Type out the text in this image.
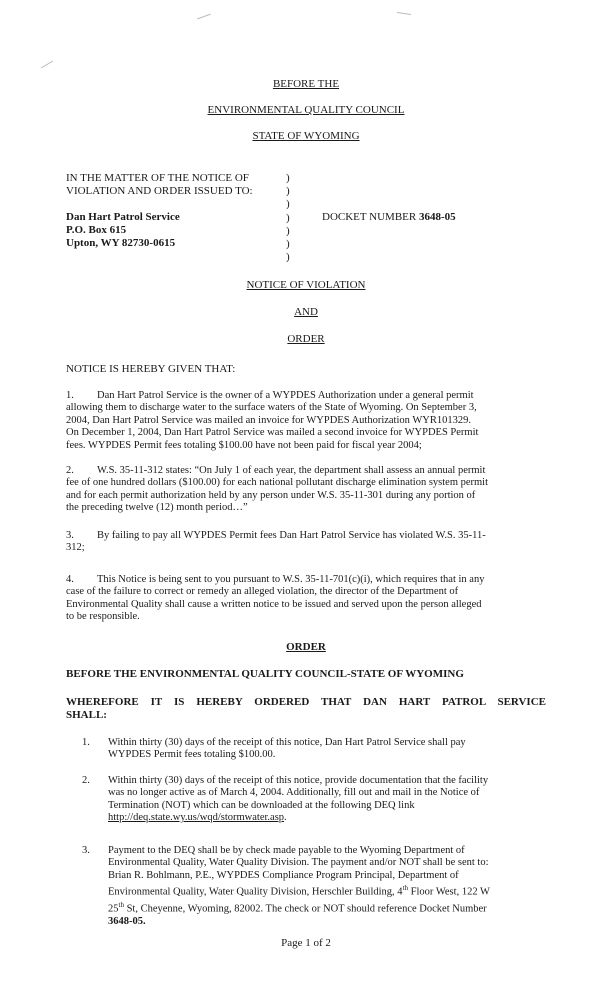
BEFORE THE
ENVIRONMENTAL QUALITY COUNCIL
STATE OF WYOMING
IN THE MATTER OF THE NOTICE OF
VIOLATION AND ORDER ISSUED TO:
)
)
)
)
)
)
)
Dan Hart Patrol Service
P.O. Box 615
Upton, WY 82730-0615
DOCKET NUMBER 3648-05
NOTICE OF VIOLATION
AND
ORDER
NOTICE IS HEREBY GIVEN THAT:
1. Dan Hart Patrol Service is the owner of a WYPDES Authorization under a general permit
allowing them to discharge water to the surface waters of the State of Wyoming. On September 3,
2004, Dan Hart Patrol Service was mailed an invoice for WYPDES Authorization WYR101329.
On December 1, 2004, Dan Hart Patrol Service was mailed a second invoice for WYPDES Permit
fees. WYPDES Permit fees totaling $100.00 have not been paid for fiscal year 2004;
2. W.S. 35-11-312 states: “On July 1 of each year, the department shall assess an annual permit
fee of one hundred dollars ($100.00) for each national pollutant discharge elimination system permit
and for each permit authorization held by any person under W.S. 35-11-301 during any portion of
the preceding twelve (12) month period…”
3. By failing to pay all WYPDES Permit fees Dan Hart Patrol Service has violated W.S. 35-11-
312;
4. This Notice is being sent to you pursuant to W.S. 35-11-701(c)(i), which requires that in any
case of the failure to correct or remedy an alleged violation, the director of the Department of
Environmental Quality shall cause a written notice to be issued and served upon the person alleged
to be responsible.
ORDER
BEFORE THE ENVIRONMENTAL QUALITY COUNCIL-STATE OF WYOMING
WHEREFORE IT IS HEREBY ORDERED THAT DAN HART PATROL SERVICE
SHALL:
1. Within thirty (30) days of the receipt of this notice, Dan Hart Patrol Service shall pay
WYPDES Permit fees totaling $100.00.
2. Within thirty (30) days of the receipt of this notice, provide documentation that the facility
was no longer active as of March 4, 2004. Additionally, fill out and mail in the Notice of
Termination (NOT) which can be downloaded at the following DEQ link
http://deq.state.wy.us/wqd/stormwater.asp.
3. Payment to the DEQ shall be by check made payable to the Wyoming Department of
Environmental Quality, Water Quality Division. The payment and/or NOT shall be sent to:
Brian R. Bohlmann, P.E., WYPDES Compliance Program Principal, Department of
Environmental Quality, Water Quality Division, Herschler Building, 4th Floor West, 122 W
25th St, Cheyenne, Wyoming, 82002. The check or NOT should reference Docket Number
3648-05.
Page 1 of 2
